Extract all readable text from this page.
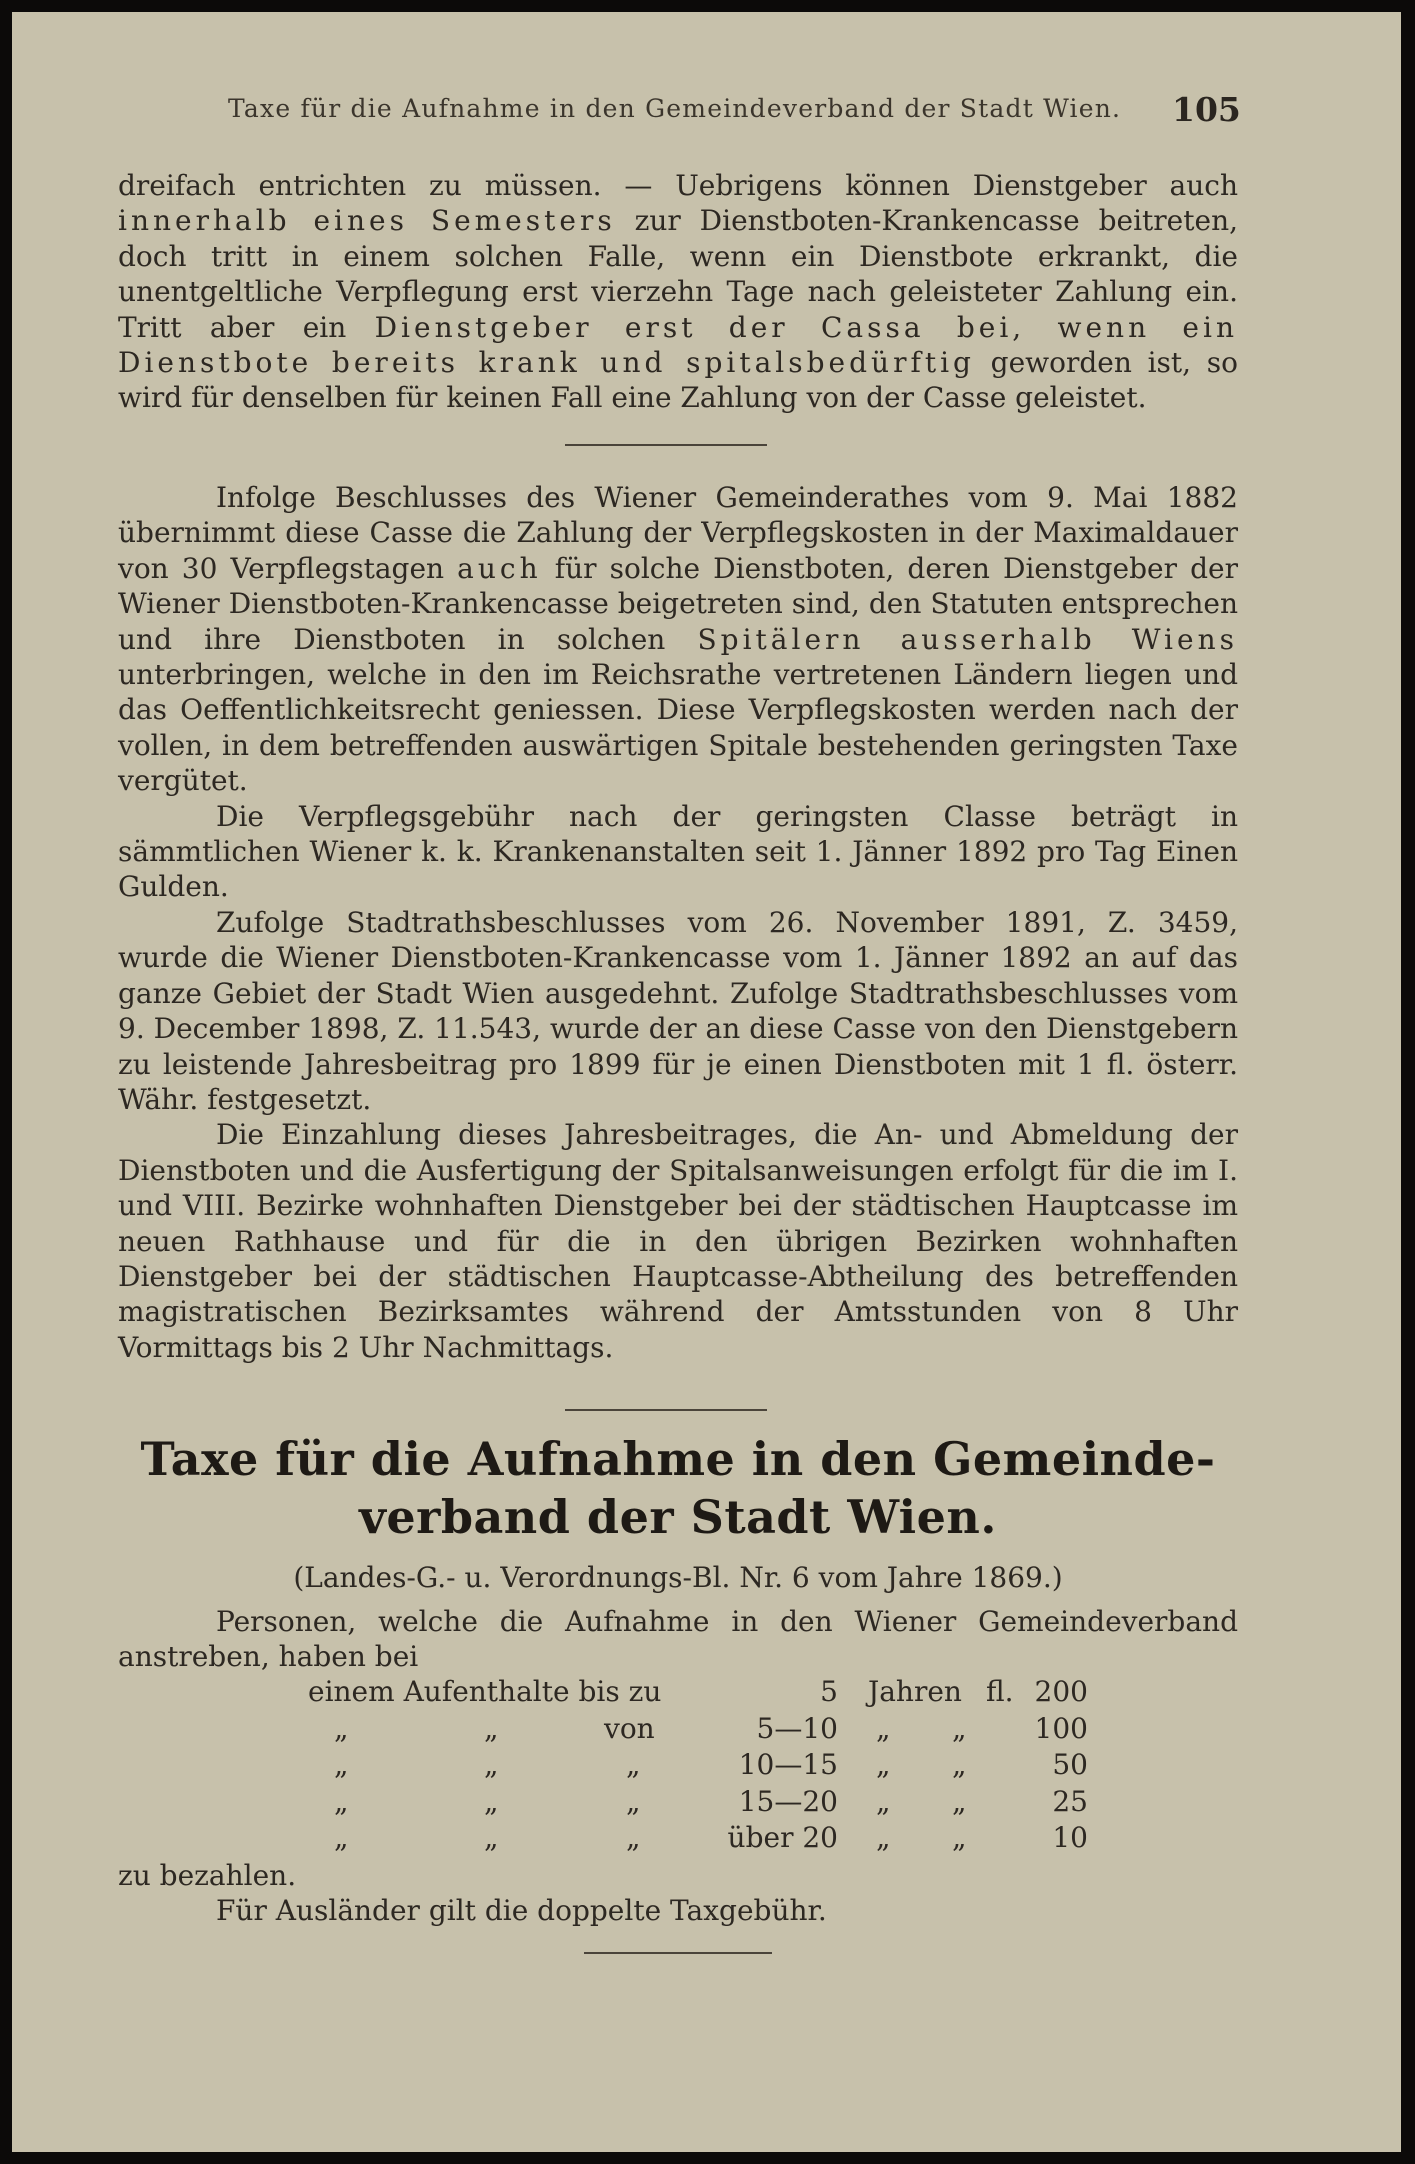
Taxe für die Aufnahme in den Gemeindeverband der Stadt Wien. 105

dreifach entrichten zu müssen. — Uebrigens können Dienstgeber auch

innerhalb eines Semesters zur Dienstboten-Krankencasse beitreten, doch tritt in einem solchen Falle, wenn ein Dienstbote erkrankt, die unentgeltliche Verpflegung erst vierzehn Tage nach geleisteter Zahlung ein. Tritt aber ein Dienstgeber erst der Cassa bei, wenn ein Dienstbote bereits krank und spitalsbedürftig geworden ist, so wird für denselben für keinen Fall eine Zahlung von der Casse geleistet.

Infolge Beschlusses des Wiener Gemeinderathes vom 9. Mai 1882 übernimmt diese Casse die Zahlung der Verpflegskosten in der Maximaldauer von 30 Verpflegstagen auch für solche Dienstboten, deren Dienstgeber der Wiener Dienstboten-Krankencasse beigetreten sind, den Statuten entsprechen und ihre Dienstboten in solchen Spitälern ausserhalb Wiens unterbringen, welche in den im Reichsrathe vertretenen Ländern liegen und das Oeffentlichkeitsrecht geniessen. Diese Verpflegskosten werden nach der vollen, in dem betreffenden auswärtigen Spitale bestehenden geringsten Taxe vergütet.

Die Verpflegsgebühr nach der geringsten Classe beträgt in sämmtlichen Wiener k. k. Krankenanstalten seit 1. Jänner 1892 pro Tag Einen Gulden.

Zufolge Stadtrathsbeschlusses vom 26. November 1891, Z. 3459, wurde die Wiener Dienstboten-Krankencasse vom 1. Jänner 1892 an auf das ganze Gebiet der Stadt Wien ausgedehnt. Zufolge Stadtrathsbeschlusses vom 9. December 1898, Z. 11.543, wurde der an diese Casse von den Dienstgebern zu leistende Jahresbeitrag pro 1899 für je einen Dienstboten mit 1 fl. österr. Währ. festgesetzt.

Die Einzahlung dieses Jahresbeitrages, die An- und Abmeldung der Dienstboten und die Ausfertigung der Spitalsanweisungen erfolgt für die im I. und VIII. Bezirke wohnhaften Dienstgeber bei der städtischen Hauptcasse im neuen Rathhause und für die in den übrigen Bezirken wohnhaften Dienstgeber bei der städtischen Hauptcasse-Abtheilung des betreffenden magistratischen Bezirksamtes während der Amtsstunden von 8 Uhr Vormittags bis 2 Uhr Nachmittags.

Taxe für die Aufnahme in den Gemeinde-
verband der Stadt Wien.
(Landes-G.- u. Verordnungs-Bl. Nr. 6 vom Jahre 1869.)

Personen, welche die Aufnahme in den Wiener Gemeindeverband anstreben, haben bei

einem Aufenthalte bis zu	5 Jahren fl. 200
„	„	von	5—10 „ „ 100
„	„	„	10—15 „ „	50
„	„	„	15—20 „ „	25
„	„	„	über 20 „ „	10

zu bezahlen.

Für Ausländer gilt die doppelte Taxgebühr.
